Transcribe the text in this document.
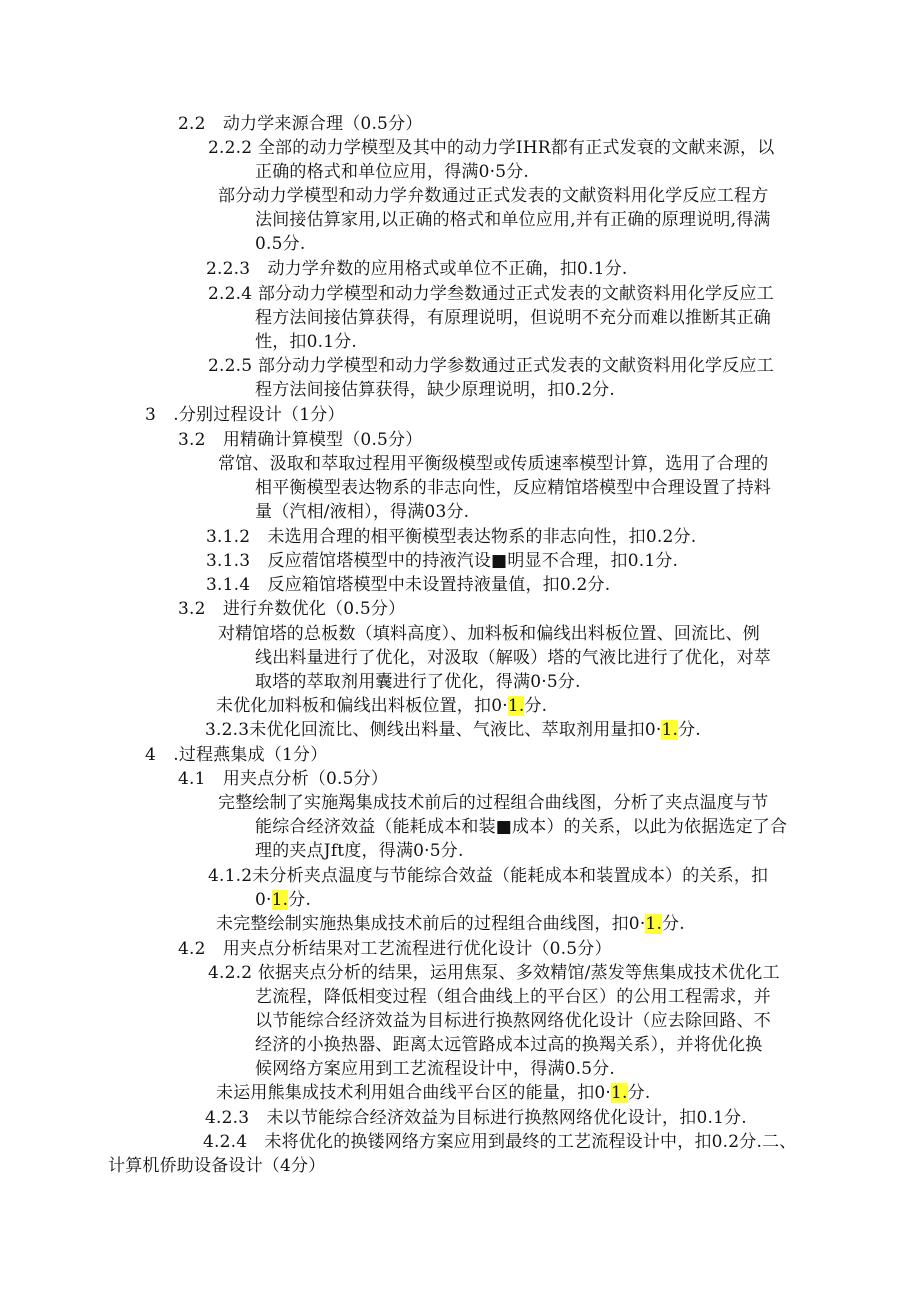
2.2　动力学来源合理（0.5分）
2.2.2 全部的动力学模型及其中的动力学IHR都有正式发衰的文献来源，以
正确的格式和单位应用，得满0·5分.
部分动力学模型和动力学弁数通过正式发表的文献资料用化学反应工程方
法间接估算家用,以正确的格式和单位应用,并有正确的原理说明,得满
0.5分.
2.2.3　动力学弁数的应用格式或单位不正确，扣0.1分.
2.2.4 部分动力学模型和动力学叁数通过正式发表的文献资料用化学反应工
程方法间接估算获得，有原理说明，但说明不充分而难以推断其正确
性，扣0.1分.
2.2.5 部分动力学模型和动力学参数通过正式发表的文献资料用化学反应工
程方法间接估算获得，缺少原理说明，扣0.2分.
3　.分别过程设计（1分）
3.2　用精确计算模型（0.5分）
常馆、汲取和萃取过程用平衡级模型或传质速率模型计算，选用了合理的
相平衡模型表达物系的非志向性，反应精馆塔模型中合理设置了持料
量（汽相/液相），得满03分.
3.1.2　未选用合理的相平衡模型表达物系的非志向性，扣0.2分.
3.1.3　反应蓿馆塔模型中的持液汽设■明显不合理，扣0.1分.
3.1.4　反应箱馆塔模型中未设置持液量值，扣0.2分.
3.2　进行弁数优化（0.5分）
对精馆塔的总板数（填料高度）、加料板和偏线出料板位置、回流比、例
线出料量进行了优化，对汲取（解吸）塔的气液比进行了优化，对萃
取塔的萃取剂用囊进行了优化，得满0·5分.
未优化加料板和偏线出料板位置，扣0·1.分.
3.2.3未优化回流比、侧线出料量、气液比、萃取剂用量扣0·1.分.
4　.过程燕集成（1分）
4.1　用夹点分析（0.5分）
完整绘制了实施羯集成技术前后的过程组合曲线图，分析了夹点温度与节
能综合经济效益（能耗成本和装■成本）的关系，以此为依据选定了合
理的夹点Jft度，得满0·5分.
4.1.2未分析夹点温度与节能综合效益（能耗成本和装置成本）的关系，扣
0·1.分.
未完整绘制实施热集成技术前后的过程组合曲线图，扣0·1.分.
4.2　用夹点分析结果对工艺流程进行优化设计（0.5分）
4.2.2 依据夹点分析的结果，运用焦泵、多效精馆/蒸发等焦集成技术优化工
艺流程，降低相变过程（组合曲线上的平台区）的公用工程需求，并
以节能综合经济效益为目标进行换熬网络优化设计（应去除回路、不
经济的小换热器、距离太远管路成本过高的换羯关系），并将优化换
候网络方案应用到工艺流程设计中，得满0.5分.
未运用熊集成技术利用姐合曲线平台区的能量，扣0·1.分.
4.2.3　未以节能综合经济效益为目标进行换熬网络优化设计，扣0.1分.
4.2.4　未将优化的换镂网络方案应用到最终的工艺流程设计中，扣0.2分.二、
计算机侨助设备设计（4分）
